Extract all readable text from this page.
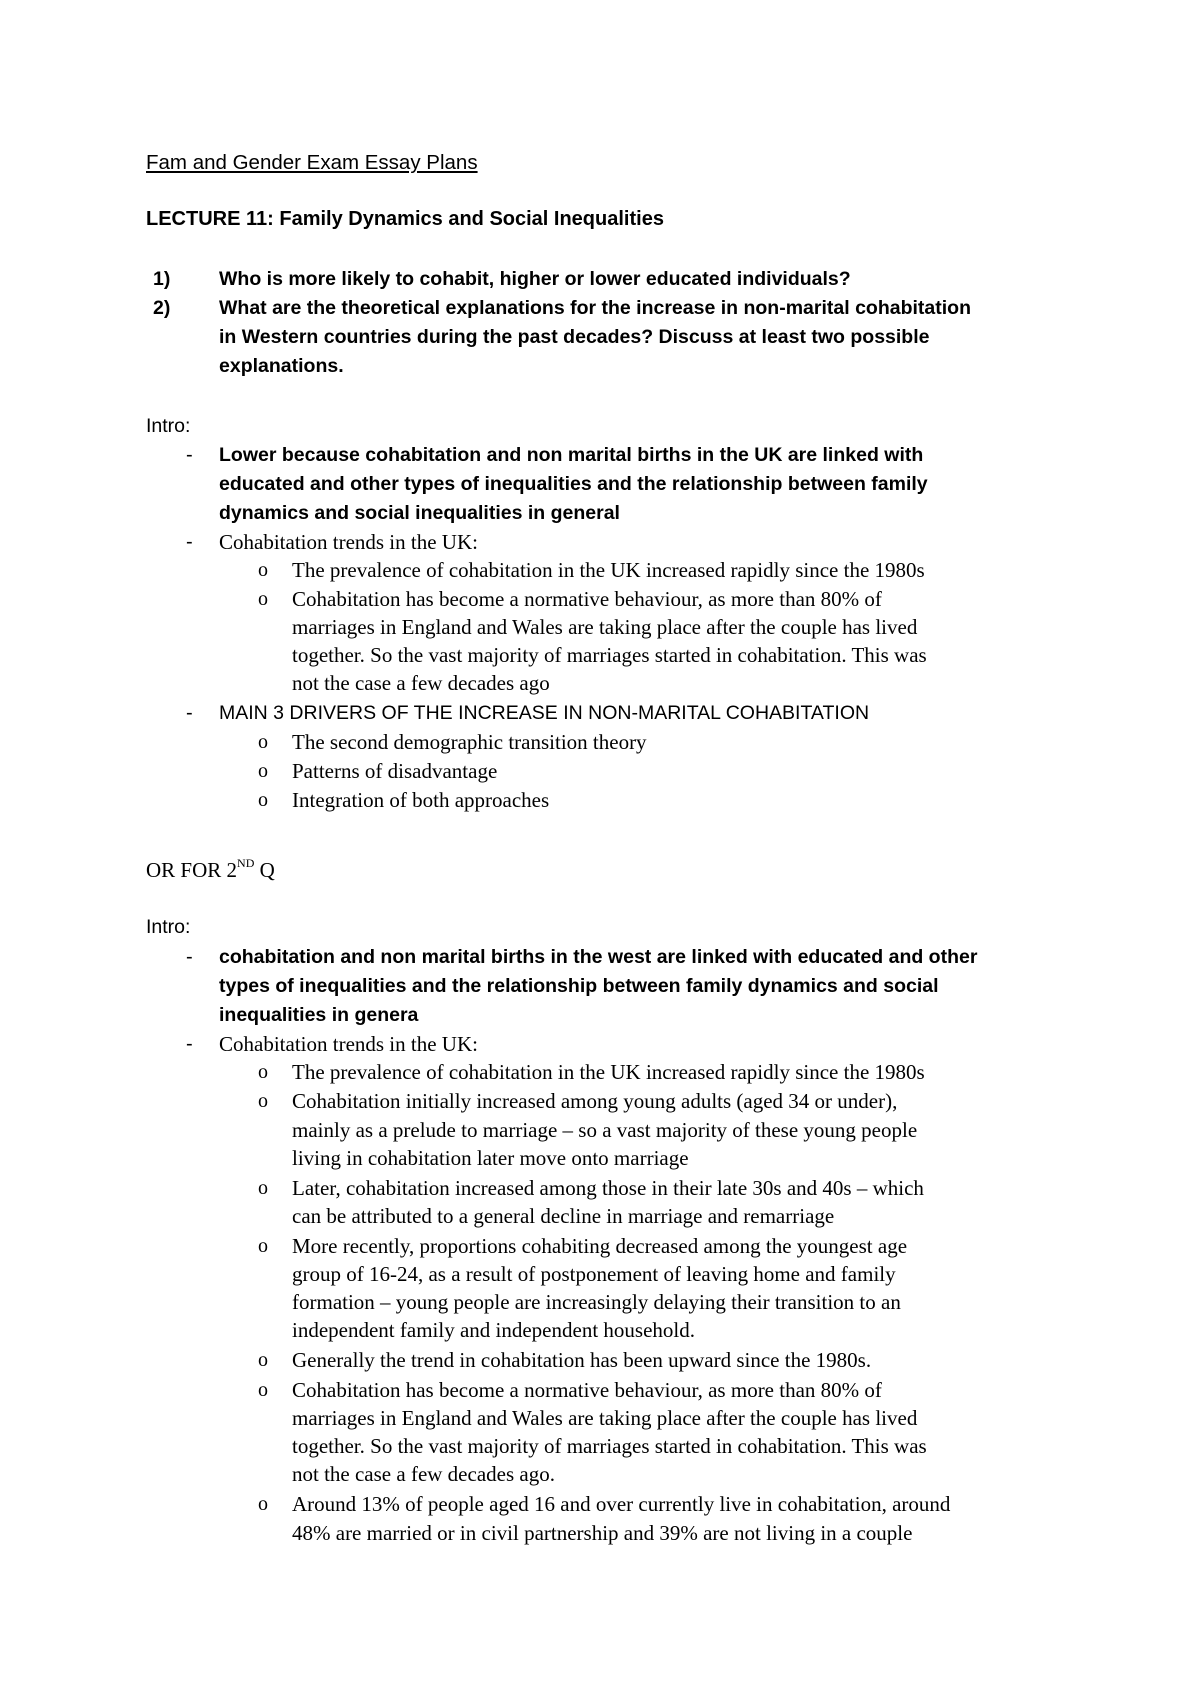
Fam and Gender Exam Essay Plans
LECTURE 11: Family Dynamics and Social Inequalities
1) Who is more likely to cohabit, higher or lower educated individuals?
2) What are the theoretical explanations for the increase in non-marital cohabitation
in Western countries during the past decades? Discuss at least two possible
explanations.
Intro:
- Lower because cohabitation and non marital births in the UK are linked with
educated and other types of inequalities and the relationship between family
dynamics and social inequalities in general
- Cohabitation trends in the UK:
o The prevalence of cohabitation in the UK increased rapidly since the 1980s
o Cohabitation has become a normative behaviour, as more than 80% of
marriages in England and Wales are taking place after the couple has lived
together. So the vast majority of marriages started in cohabitation. This was
not the case a few decades ago
- MAIN 3 DRIVERS OF THE INCREASE IN NON-MARITAL COHABITATION
o The second demographic transition theory
o Patterns of disadvantage
o Integration of both approaches
OR FOR 2ND Q
Intro:
- cohabitation and non marital births in the west are linked with educated and other
types of inequalities and the relationship between family dynamics and social
inequalities in genera
- Cohabitation trends in the UK:
o The prevalence of cohabitation in the UK increased rapidly since the 1980s
o Cohabitation initially increased among young adults (aged 34 or under),
mainly as a prelude to marriage – so a vast majority of these young people
living in cohabitation later move onto marriage
o Later, cohabitation increased among those in their late 30s and 40s – which
can be attributed to a general decline in marriage and remarriage
o More recently, proportions cohabiting decreased among the youngest age
group of 16-24, as a result of postponement of leaving home and family
formation – young people are increasingly delaying their transition to an
independent family and independent household.
o Generally the trend in cohabitation has been upward since the 1980s.
o Cohabitation has become a normative behaviour, as more than 80% of
marriages in England and Wales are taking place after the couple has lived
together. So the vast majority of marriages started in cohabitation. This was
not the case a few decades ago.
o Around 13% of people aged 16 and over currently live in cohabitation, around
48% are married or in civil partnership and 39% are not living in a couple
